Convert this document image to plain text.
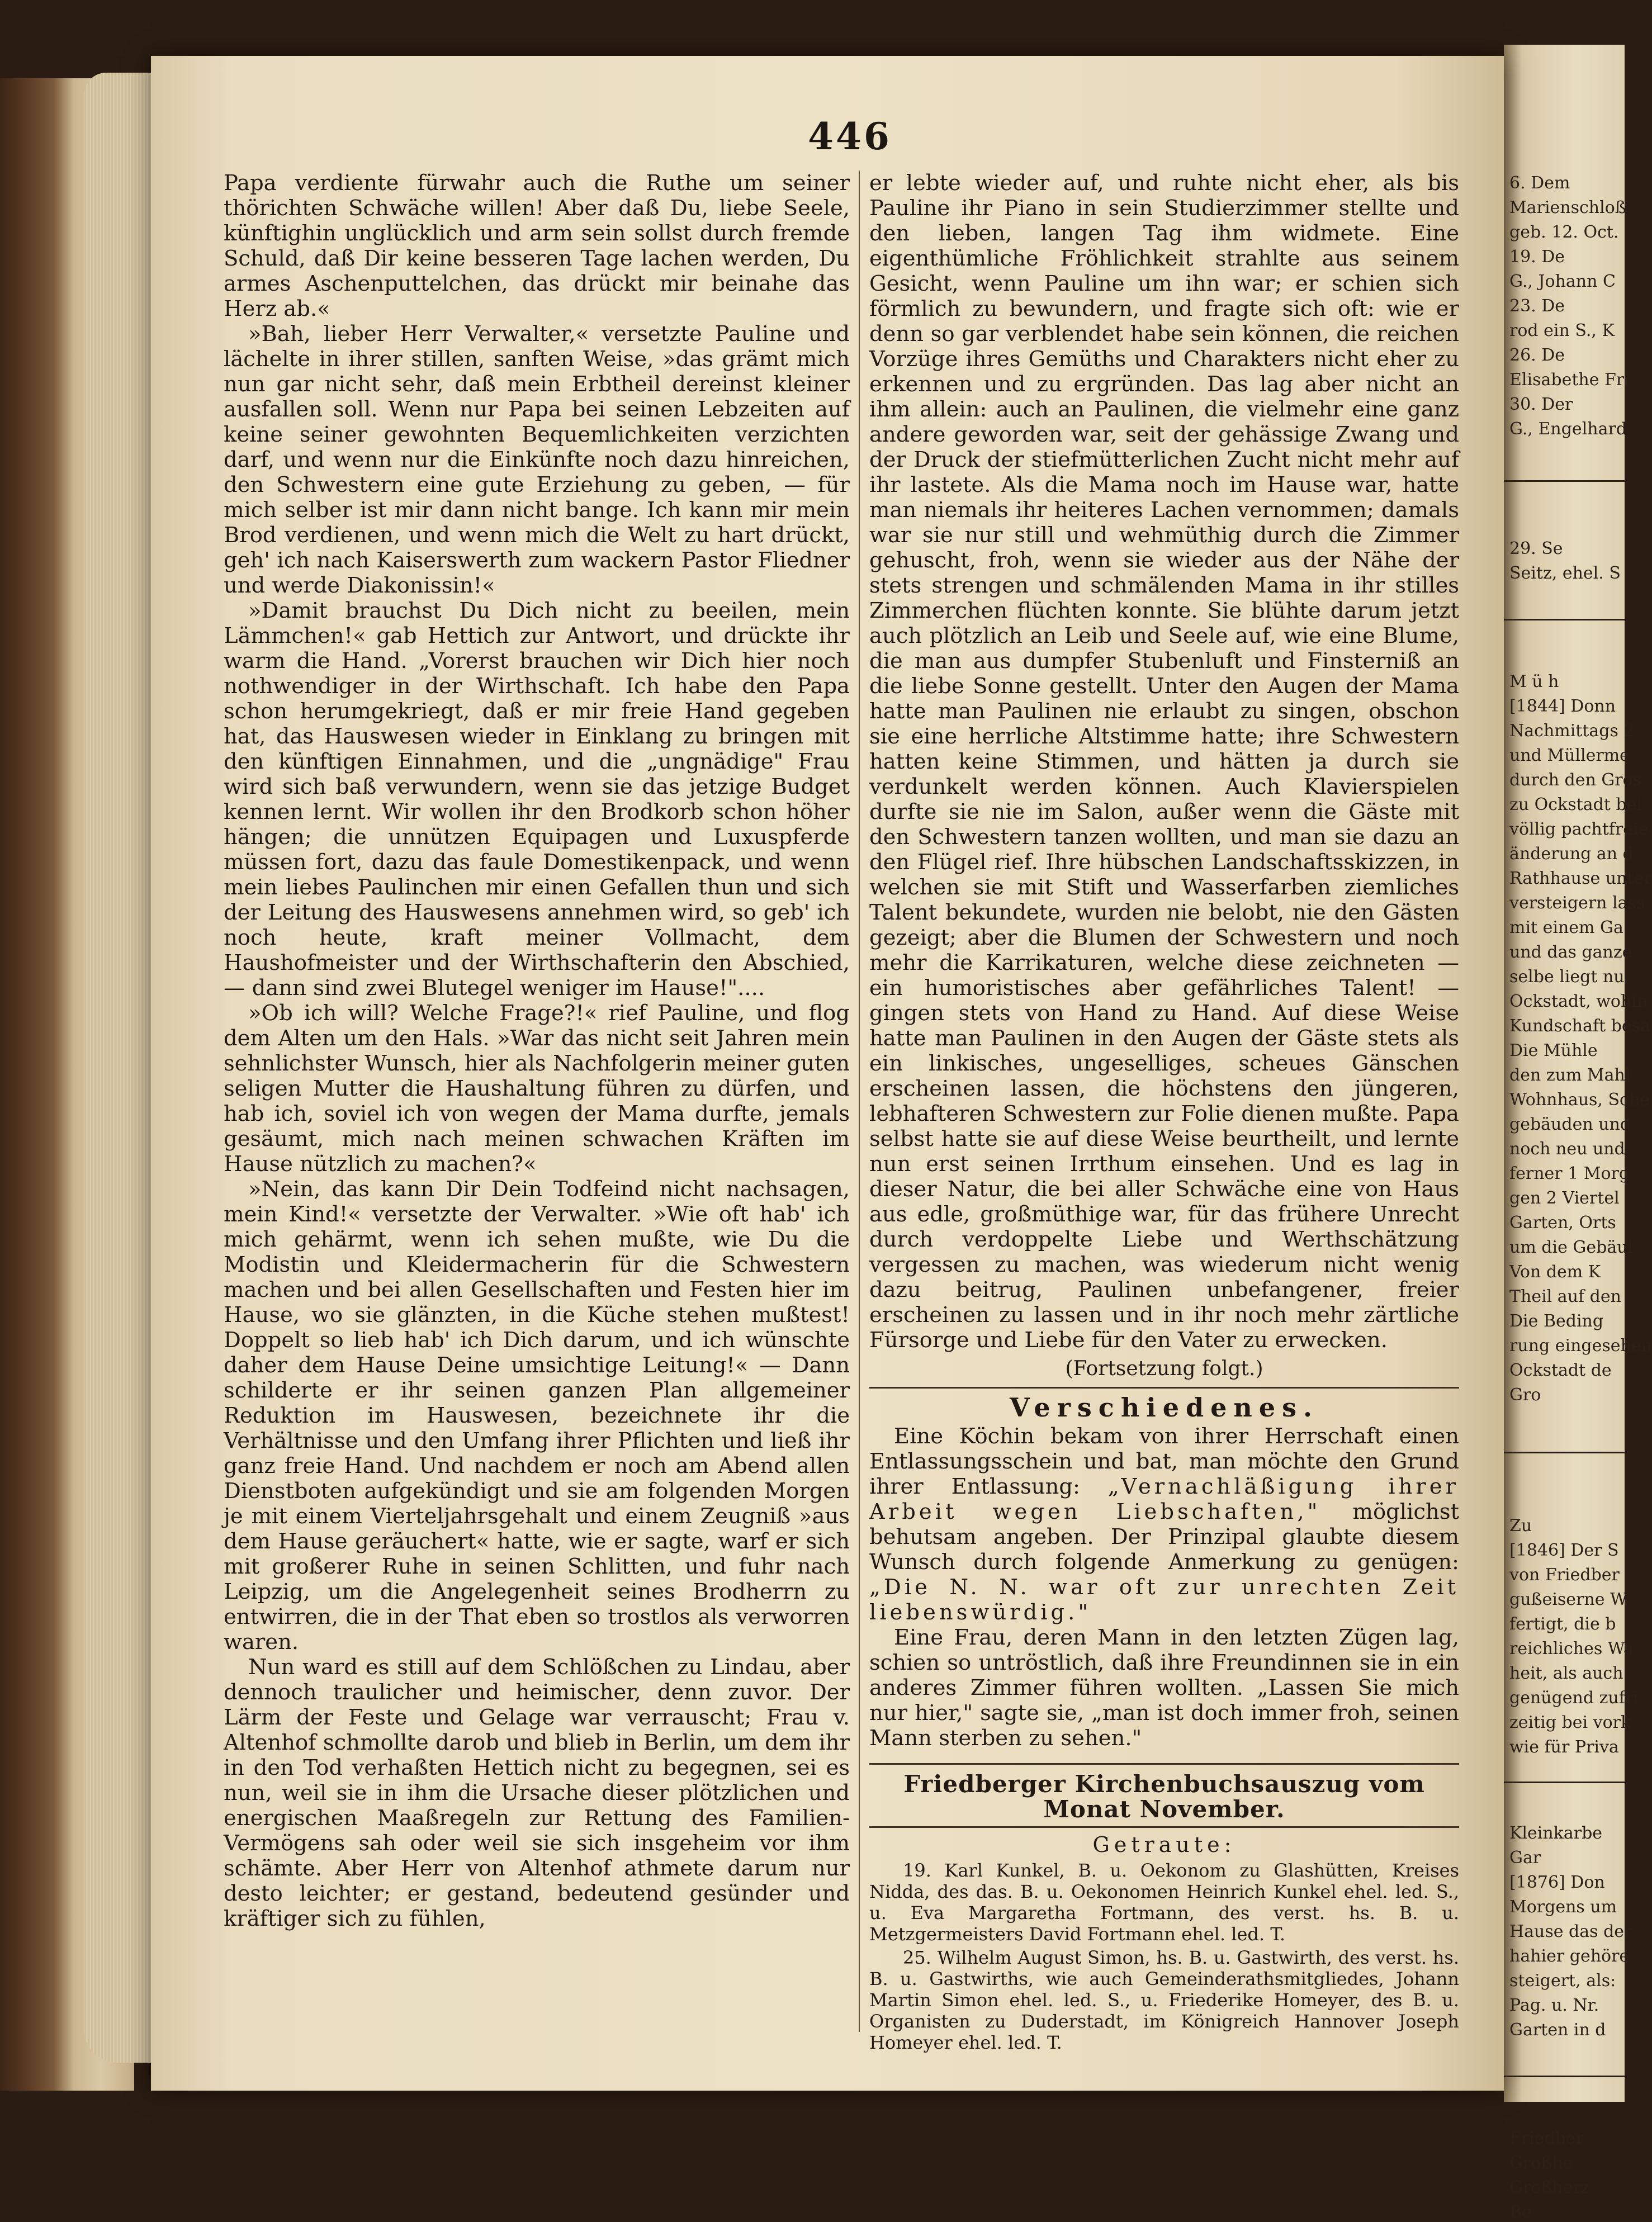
446

Papa verdiente fürwahr auch die Ruthe um seiner thörichten Schwäche willen! Aber daß Du, liebe Seele, künftighin unglücklich und arm sein sollst durch fremde Schuld, daß Dir keine besseren Tage lachen werden, Du armes Aschenputtelchen, das drückt mir beinahe das Herz ab.«

»Bah, lieber Herr Verwalter,« versetzte Pauline und lächelte in ihrer stillen, sanften Weise, »das grämt mich nun gar nicht sehr, daß mein Erbtheil dereinst kleiner ausfallen soll. Wenn nur Papa bei seinen Lebzeiten auf keine seiner gewohnten Bequemlichkeiten verzichten darf, und wenn nur die Einkünfte noch dazu hinreichen, den Schwestern eine gute Erziehung zu geben, — für mich selber ist mir dann nicht bange. Ich kann mir mein Brod verdienen, und wenn mich die Welt zu hart drückt, geh' ich nach Kaiserswerth zum wackern Pastor Fliedner und werde Diakonissin!«

»Damit brauchst Du Dich nicht zu beeilen, mein Lämmchen!« gab Hettich zur Antwort, und drückte ihr warm die Hand. „Vorerst brauchen wir Dich hier noch nothwendiger in der Wirthschaft. Ich habe den Papa schon herumgekriegt, daß er mir freie Hand gegeben hat, das Hauswesen wieder in Einklang zu bringen mit den künftigen Einnahmen, und die „ungnädige" Frau wird sich baß verwundern, wenn sie das jetzige Budget kennen lernt. Wir wollen ihr den Brodkorb schon höher hängen; die unnützen Equipagen und Luxuspferde müssen fort, dazu das faule Domestikenpack, und wenn mein liebes Paulinchen mir einen Gefallen thun und sich der Leitung des Hauswesens annehmen wird, so geb' ich noch heute, kraft meiner Vollmacht, dem Haushofmeister und der Wirthschafterin den Abschied, — dann sind zwei Blutegel weniger im Hause!"....

»Ob ich will? Welche Frage?!« rief Pauline, und flog dem Alten um den Hals. »War das nicht seit Jahren mein sehnlichster Wunsch, hier als Nachfolgerin meiner guten seligen Mutter die Haushaltung führen zu dürfen, und hab ich, soviel ich von wegen der Mama durfte, jemals gesäumt, mich nach meinen schwachen Kräften im Hause nützlich zu machen?«

»Nein, das kann Dir Dein Todfeind nicht nachsagen, mein Kind!« versetzte der Verwalter. »Wie oft hab' ich mich gehärmt, wenn ich sehen mußte, wie Du die Modistin und Kleidermacherin für die Schwestern machen und bei allen Gesellschaften und Festen hier im Hause, wo sie glänzten, in die Küche stehen mußtest! Doppelt so lieb hab' ich Dich darum, und ich wünschte daher dem Hause Deine umsichtige Leitung!« — Dann schilderte er ihr seinen ganzen Plan allgemeiner Reduktion im Hauswesen, bezeichnete ihr die Verhältnisse und den Umfang ihrer Pflichten und ließ ihr ganz freie Hand. Und nachdem er noch am Abend allen Dienstboten aufgekündigt und sie am folgenden Morgen je mit einem Vierteljahrsgehalt und einem Zeugniß »aus dem Hause geräuchert« hatte, wie er sagte, warf er sich mit großerer Ruhe in seinen Schlitten, und fuhr nach Leipzig, um die Angelegenheit seines Brodherrn zu entwirren, die in der That eben so trostlos als verworren waren.

Nun ward es still auf dem Schlößchen zu Lindau, aber dennoch traulicher und heimischer, denn zuvor. Der Lärm der Feste und Gelage war verrauscht; Frau v. Altenhof schmollte darob und blieb in Berlin, um dem ihr in den Tod verhaßten Hettich nicht zu begegnen, sei es nun, weil sie in ihm die Ursache dieser plötzlichen und energischen Maaßregeln zur Rettung des Familien-Vermögens sah oder weil sie sich insgeheim vor ihm schämte. Aber Herr von Altenhof athmete darum nur desto leichter; er gestand, bedeutend gesünder und kräftiger sich zu fühlen,

er lebte wieder auf, und ruhte nicht eher, als bis Pauline ihr Piano in sein Studierzimmer stellte und den lieben, langen Tag ihm widmete. Eine eigenthümliche Fröhlichkeit strahlte aus seinem Gesicht, wenn Pauline um ihn war; er schien sich förmlich zu bewundern, und fragte sich oft: wie er denn so gar verblendet habe sein können, die reichen Vorzüge ihres Gemüths und Charakters nicht eher zu erkennen und zu ergründen. Das lag aber nicht an ihm allein: auch an Paulinen, die vielmehr eine ganz andere geworden war, seit der gehässige Zwang und der Druck der stiefmütterlichen Zucht nicht mehr auf ihr lastete. Als die Mama noch im Hause war, hatte man niemals ihr heiteres Lachen vernommen; damals war sie nur still und wehmüthig durch die Zimmer gehuscht, froh, wenn sie wieder aus der Nähe der stets strengen und schmälenden Mama in ihr stilles Zimmerchen flüchten konnte. Sie blühte darum jetzt auch plötzlich an Leib und Seele auf, wie eine Blume, die man aus dumpfer Stubenluft und Finsterniß an die liebe Sonne gestellt. Unter den Augen der Mama hatte man Paulinen nie erlaubt zu singen, obschon sie eine herrliche Altstimme hatte; ihre Schwestern hatten keine Stimmen, und hätten ja durch sie verdunkelt werden können. Auch Klavierspielen durfte sie nie im Salon, außer wenn die Gäste mit den Schwestern tanzen wollten, und man sie dazu an den Flügel rief. Ihre hübschen Landschaftsskizzen, in welchen sie mit Stift und Wasserfarben ziemliches Talent bekundete, wurden nie belobt, nie den Gästen gezeigt; aber die Blumen der Schwestern und noch mehr die Karrikaturen, welche diese zeichneten — ein humoristisches aber gefährliches Talent! — gingen stets von Hand zu Hand. Auf diese Weise hatte man Paulinen in den Augen der Gäste stets als ein linkisches, ungeselliges, scheues Gänschen erscheinen lassen, die höchstens den jüngeren, lebhafteren Schwestern zur Folie dienen mußte. Papa selbst hatte sie auf diese Weise beurtheilt, und lernte nun erst seinen Irrthum einsehen. Und es lag in dieser Natur, die bei aller Schwäche eine von Haus aus edle, großmüthige war, für das frühere Unrecht durch verdoppelte Liebe und Werthschätzung vergessen zu machen, was wiederum nicht wenig dazu beitrug, Paulinen unbefangener, freier erscheinen zu lassen und in ihr noch mehr zärtliche Fürsorge und Liebe für den Vater zu erwecken.

(Fortsetzung folgt.)
Verschiedenes.

Eine Köchin bekam von ihrer Herrschaft einen Entlassungsschein und bat, man möchte den Grund ihrer Entlassung: „Vernachläßigung ihrer Arbeit wegen Liebschaften," möglichst behutsam angeben. Der Prinzipal glaubte diesem Wunsch durch folgende Anmerkung zu genügen: „Die N. N. war oft zur unrechten Zeit liebenswürdig."

Eine Frau, deren Mann in den letzten Zügen lag, schien so untröstlich, daß ihre Freundinnen sie in ein anderes Zimmer führen wollten. „Lassen Sie mich nur hier," sagte sie, „man ist doch immer froh, seinen Mann sterben zu sehen."

Friedberger Kirchenbuchsauszug vom Monat November.
Getraute:

19. Karl Kunkel, B. u. Oekonom zu Glashütten, Kreises Nidda, des das. B. u. Oekonomen Heinrich Kunkel ehel. led. S., u. Eva Margaretha Fortmann, des verst. hs. B. u. Metzgermeisters David Fortmann ehel. led. T.

25. Wilhelm August Simon, hs. B. u. Gastwirth, des verst. hs. B. u. Gastwirths, wie auch Gemeinderathsmitgliedes, Johann Martin Simon ehel. led. S., u. Friederike Homeyer, des B. u. Organisten zu Duderstadt, im Königreich Hannover Joseph Homeyer ehel. led. T.

6. Dem
Marienschloß
geb. 12. Oct.
19. De
G., Johann C
23. De
rod ein S., K
26. De
Elisabethe Fri
30. Der
G., Engelhard
29. Se
Seitz, ehel. S
M ü h
[1844] Donn
Nachmittags 2
und Müllerme
durch den Gros
zu Ockstadt bei
völlig pachtfreie
änderung an d
Rathhause unter
versteigern lass
mit einem Ga
und das ganze
selbe liegt nu
Ockstadt, wohin
Kundschaft besa
Die Mühle
den zum Mahl
Wohnhaus, Sche
gebäuden und
noch neu und
ferner 1 Morg
gen 2 Viertel
Garten, Orts
um die Gebäul
Von dem K
Theil auf den
Die Beding
rung eingesehen
Ockstadt de
Gro
Zu
[1846] Der S
von Friedber
gußeiserne W
fertigt, die b
reichliches Wa
heit, als auch
genügend zufri
zeitig bei vork
wie für Priva
Kleinkarbe
Gar
[1876] Don
Morgens um
Hause das der
hahier gehöre
steigert, als:
Pag. u. Nr.
Garten in d
Friedber
Großhe
Großherz
Be
